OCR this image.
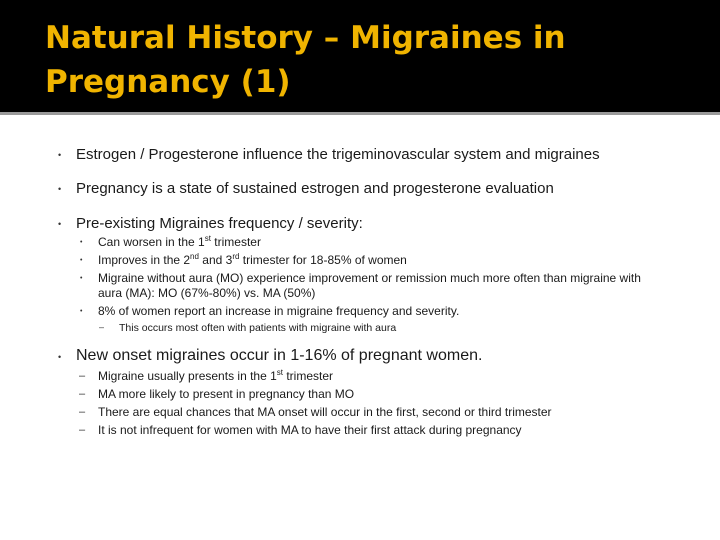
Natural History – Migraines in
Pregnancy (1)
• Estrogen / Progesterone influence the trigeminovascular system and migraines
• Pregnancy is a state of sustained estrogen and progesterone evaluation
• Pre-existing Migraines frequency / severity:
•	Can worsen in the 1st trimester
•	Improves in the 2nd and 3rd trimester for 18-85% of women
•	Migraine without aura (MO) experience improvement or remission much more often than migraine with aura (MA): MO (67%-80%) vs. MA (50%)
•	8% of women report an increase in migraine frequency and severity.
–	This occurs most often with patients with migraine with aura
• New onset migraines occur in 1-16% of pregnant women.
–	Migraine usually presents in the 1st trimester
–	MA more likely to present in pregnancy than MO
–	There are equal chances that MA onset will occur in the first, second or third trimester
–	It is not infrequent for women with MA to have their first attack during pregnancy
